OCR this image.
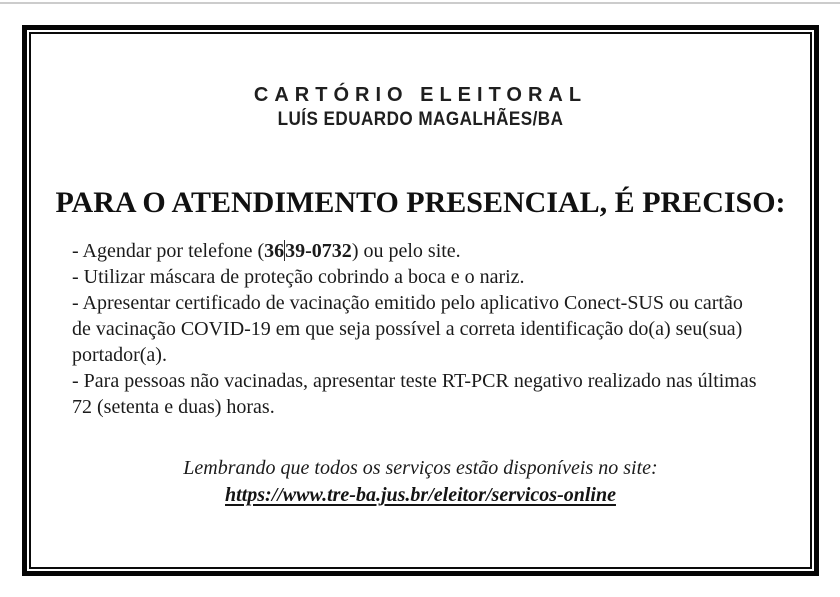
CARTÓRIO ELEITORAL
LUÍS EDUARDO MAGALHÃES/BA
PARA O ATENDIMENTO PRESENCIAL, É PRECISO:

- Agendar por telefone (3639-0732) ou pelo site.

- Utilizar máscara de proteção cobrindo a boca e o nariz.

- Apresentar certificado de vacinação emitido pelo aplicativo Conect-SUS ou cartão de vacinação COVID-19 em que seja possível a correta identificação do(a) seu(sua) portador(a).

- Para pessoas não vacinadas, apresentar teste RT-PCR negativo realizado nas últimas 72 (setenta e duas) horas.

Lembrando que todos os serviços estão disponíveis no site:

https://www.tre-ba.jus.br/eleitor/servicos-online
